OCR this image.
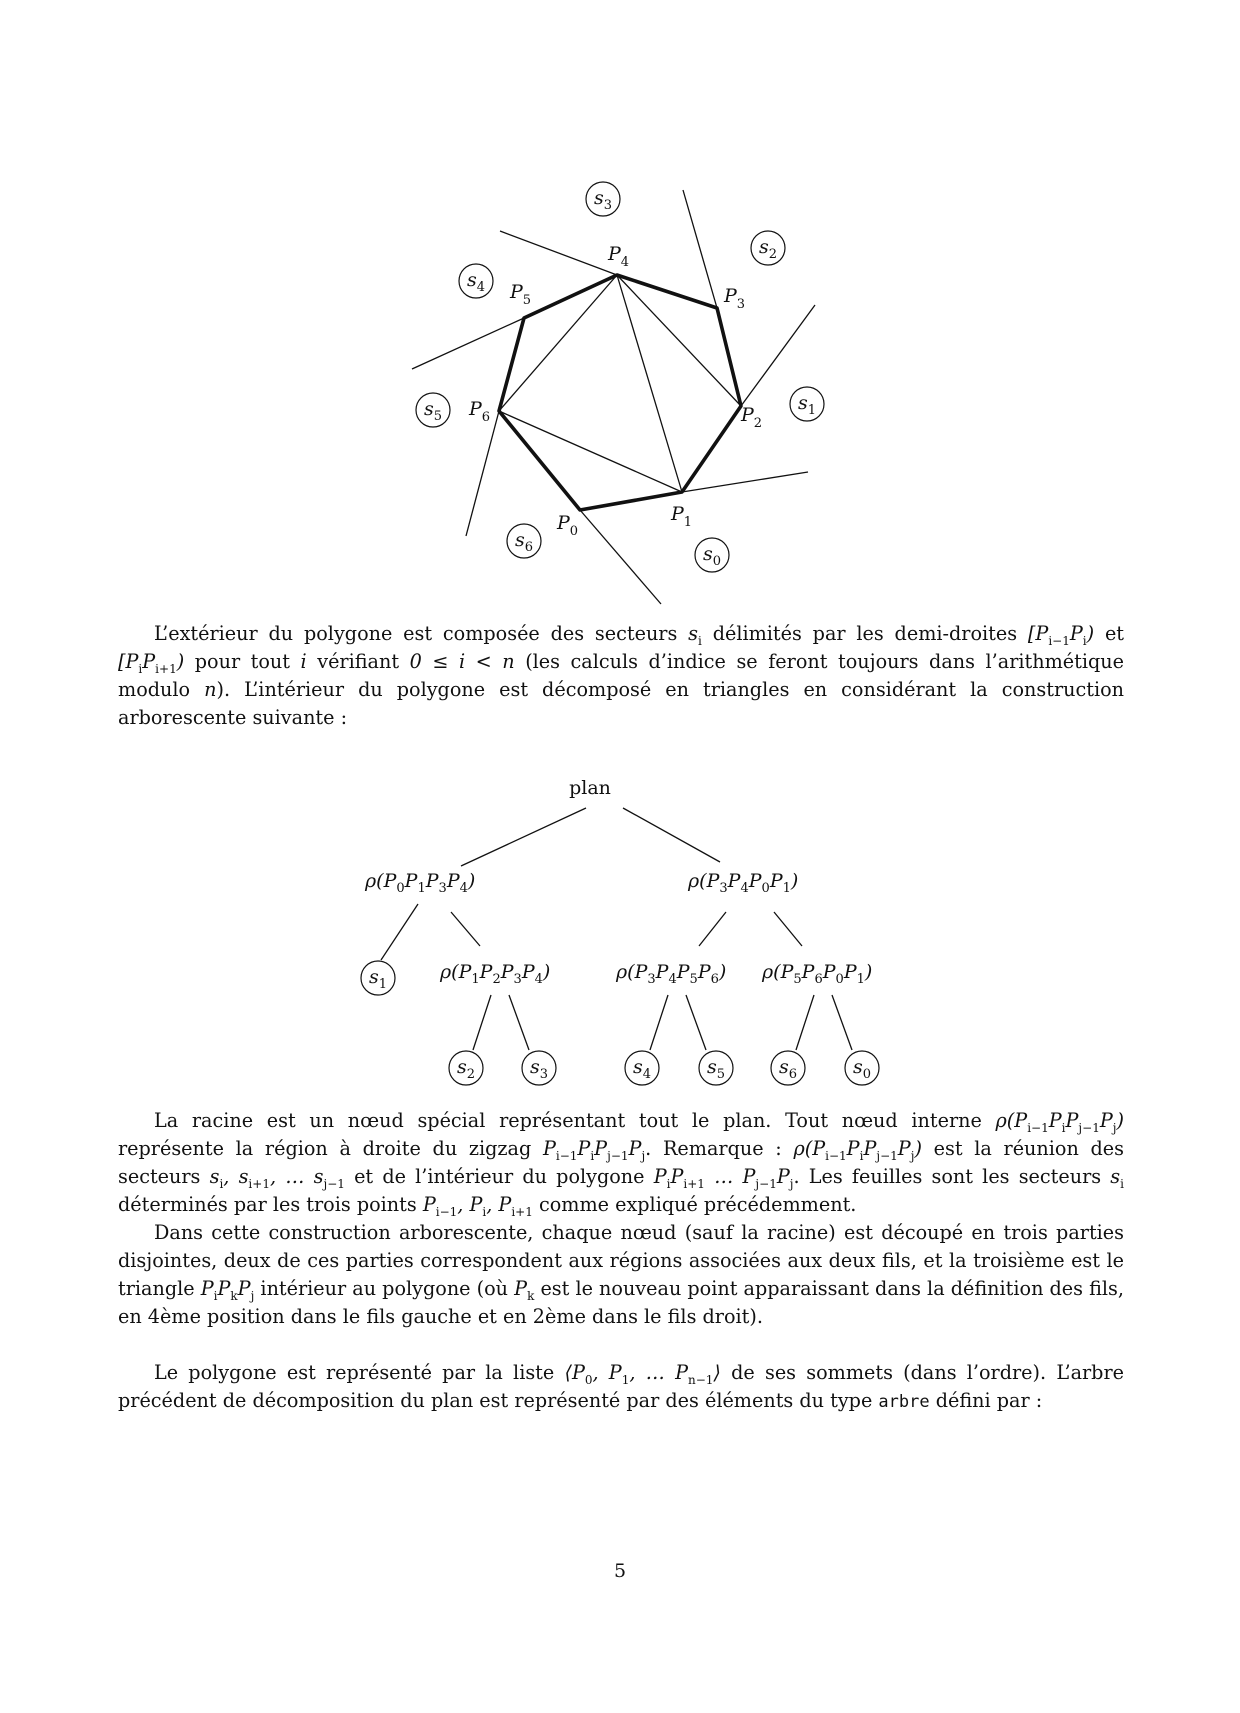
$P_0$
$P_1$
$P_2$
$P_3$
$P_4$
$P_5$
$P_6$
$s_0$
$s_1$
$s_2$
$s_3$
$s_4$
$s_5$
$s_6$
plan
$\rho(P_0P_1P_3P_4)$	$\rho(P_3P_4P_0P_1)$
$\rho(P_1P_2P_3P_4)$	$\rho(P_3P_4P_5P_6)$ $\rho(P_5P_6P_0P_1)$
$s_1$
$s_2$	$s_3$	$s_4$	$s_5$	$s_6$	$s_0$

L’extérieur du polygone est composée des secteurs $s_i$ délimités par les demi-droites $[P_{i-1}P_i)$ et $[P_iP_{i+1})$ pour tout i vérifiant 0 ≤ i < n (les calculs d’indice se feront toujours dans l’arithmétique modulo n). L’intérieur du polygone est décomposé en triangles en considérant la construction arborescente suivante :

La racine est un nœud spécial représentant tout le plan. Tout nœud interne $\rho(P_{i-1}P_iP_{j-1}P_j)$ représente la région à droite du zigzag $P_{i-1}P_iP_{j-1}P_j$. Remarque : $\rho(P_{i-1}P_iP_{j-1}P_j)$ est la réunion des secteurs $s_i$, $s_{i+1}$, … $s_{j-1}$ et de l’intérieur du polygone $P_iP_{i+1}$ … $P_{j-1}P_j$. Les feuilles sont les secteurs $s_i$ déterminés par les trois points $P_{i-1}$, $P_i$, $P_{i+1}$ comme expliqué précédemment.

Dans cette construction arborescente, chaque nœud (sauf la racine) est découpé en trois parties disjointes, deux de ces parties correspondent aux régions associées aux deux fils, et la troisième est le triangle $P_iP_kP_j$ intérieur au polygone (où $P_k$ est le nouveau point apparaissant dans la définition des fils, en 4ème position dans le fils gauche et en 2ème dans le fils droit).

Le polygone est représenté par la liste $⟨P_0$, $P_1$, … $P_{n-1}⟩$ de ses sommets (dans l’ordre). L’arbre précédent de décomposition du plan est représenté par des éléments du type arbre défini par :

5
